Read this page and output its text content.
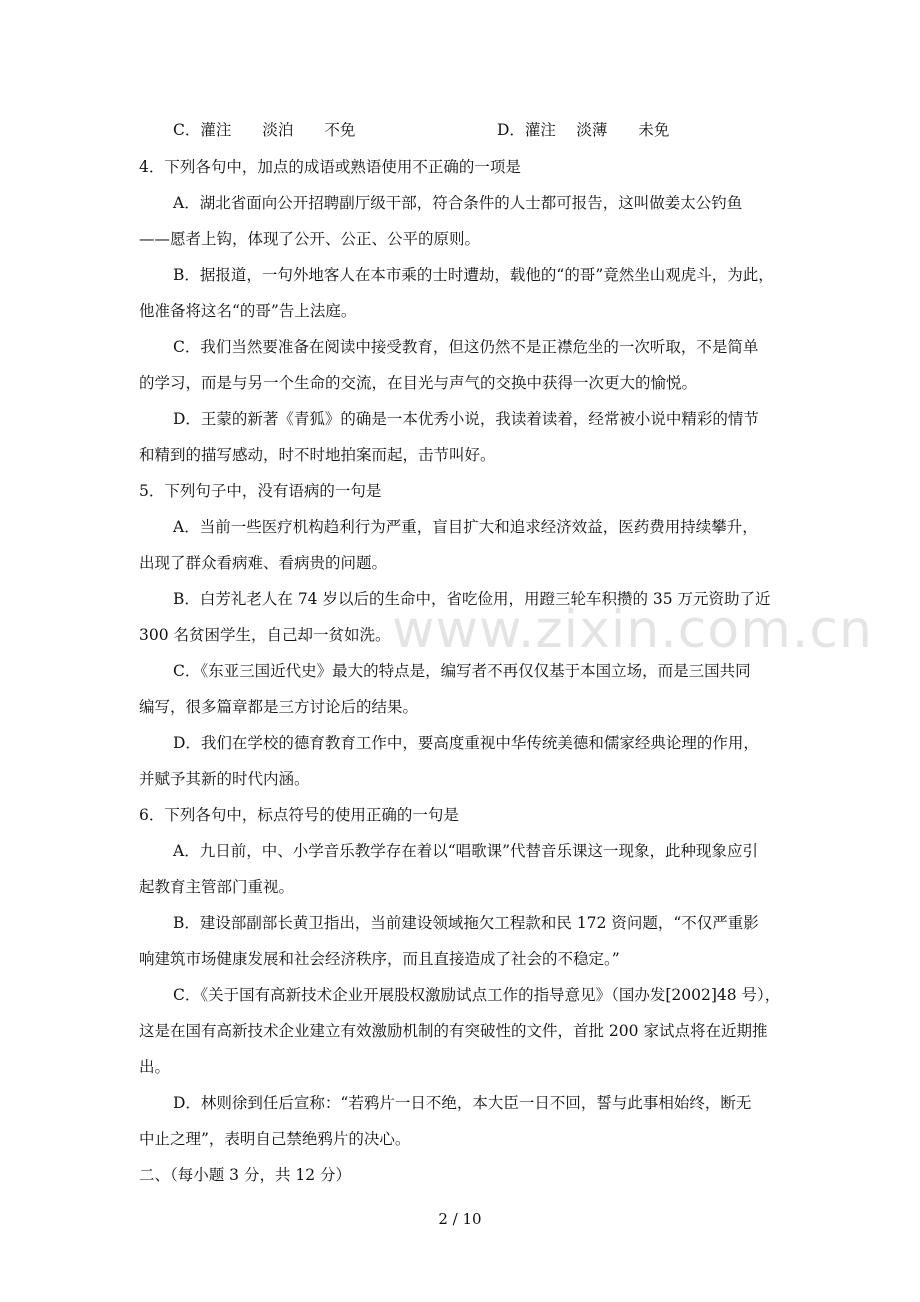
www.zixin.com.cn
C．灌注　　淡泊　　不免	D．灌注　 淡薄　　未免
4．下列各句中，加点的成语或熟语使用不正确的一项是
A．湖北省面向公开招聘副厅级干部，符合条件的人士都可报告，这叫做姜太公钓鱼
——愿者上钩，体现了公开、公正、公平的原则。
B．据报道，一句外地客人在本市乘的士时遭劫，载他的“的哥”竟然坐山观虎斗，为此，
他准备将这名“的哥”告上法庭。
C．我们当然要准备在阅读中接受教育，但这仍然不是正襟危坐的一次听取，不是简单
的学习，而是与另一个生命的交流，在目光与声气的交换中获得一次更大的愉悦。
D．王蒙的新著《青狐》的确是一本优秀小说，我读着读着，经常被小说中精彩的情节
和精到的描写感动，时不时地拍案而起，击节叫好。
5．下列句子中，没有语病的一句是
A．当前一些医疗机构趋利行为严重，盲目扩大和追求经济效益，医药费用持续攀升，
出现了群众看病难、看病贵的问题。
B．白芳礼老人在 74 岁以后的生命中，省吃俭用，用蹬三轮车积攒的 35 万元资助了近
300 名贫困学生，自己却一贫如洗。
C．《东亚三国近代史》最大的特点是，编写者不再仅仅基于本国立场，而是三国共同
编写，很多篇章都是三方讨论后的结果。
D．我们在学校的德育教育工作中，要高度重视中华传统美德和儒家经典论理的作用，
并赋予其新的时代内涵。
6．下列各句中，标点符号的使用正确的一句是
A．九日前，中、小学音乐教学存在着以“唱歌课”代替音乐课这一现象，此种现象应引
起教育主管部门重视。
B．建设部副部长黄卫指出，当前建设领域拖欠工程款和民 172 资问题，“不仅严重影
响建筑市场健康发展和社会经济秩序，而且直接造成了社会的不稳定。”
C．《关于国有高新技术企业开展股权激励试点工作的指导意见》（国办发[2002]48 号），
这是在国有高新技术企业建立有效激励机制的有突破性的文件，首批 200 家试点将在近期推
出。
D．林则徐到任后宣称：“若鸦片一日不绝，本大臣一日不回，誓与此事相始终，断无
中止之理”，表明自己禁绝鸦片的决心。
二、（每小题 3 分，共 12 分）
2 / 10
